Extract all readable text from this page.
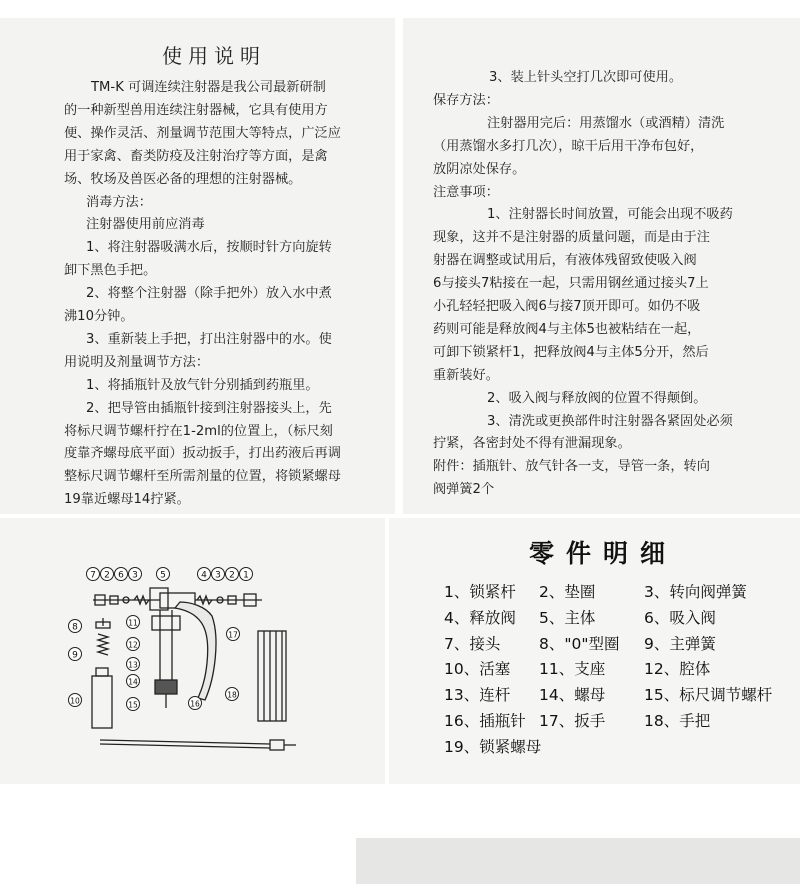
使用说明
TM-K 可调连续注射器是我公司最新研制
的一种新型兽用连续注射器械，它具有使用方
便、操作灵活、剂量调节范围大等特点，广泛应
用于家禽、畜类防疫及注射治疗等方面，是禽
场、牧场及兽医必备的理想的注射器械。
消毒方法：
注射器使用前应消毒
1、将注射器吸满水后，按顺时针方向旋转
卸下黑色手把。
2、将整个注射器（除手把外）放入水中煮
沸10分钟。
3、重新装上手把，打出注射器中的水。使
用说明及剂量调节方法：
1、将插瓶针及放气针分别插到药瓶里。
2、把导管由插瓶针接到注射器接头上，先
将标尺调节螺杆拧在1-2ml的位置上，（标尺刻
度靠齐螺母底平面）扳动扳手，打出药液后再调
整标尺调节螺杆至所需剂量的位置，将锁紧螺母
19靠近螺母14拧紧。
3、装上针头空打几次即可使用。
保存方法：
注射器用完后：用蒸馏水（或酒精）清洗
（用蒸馏水多打几次），晾干后用干净布包好，
放阴凉处保存。
注意事项：
1、注射器长时间放置，可能会出现不吸药
现象，这并不是注射器的质量问题，而是由于注
射器在调整或试用后，有液体残留致使吸入阀
6与接头7粘接在一起，只需用钢丝通过接头7上
小孔轻轻把吸入阀6与接7顶开即可。如仍不吸
药则可能是释放阀4与主体5也被粘结在一起，
可卸下锁紧杆1，把释放阀4与主体5分开，然后
重新装好。
2、吸入阀与释放阀的位置不得颠倒。
3、清洗或更换部件时注射器各紧固处必须
拧紧，各密封处不得有泄漏现象。
附件：插瓶针、放气针各一支，导管一条，转向
阀弹簧2个
7 2 6 3 5	4 3 2 1
11
8
12
17
9
13
14
10	16
15
18
零件明细
1、锁紧杆 2、垫圈	3、转向阀弹簧
4、释放阀 5、主体	6、吸入阀
7、接头 8、"0"型圈 9、主弹簧
10、活塞 11、支座	12、腔体
13、连杆 14、螺母	15、标尺调节螺杆
16、插瓶针 17、扳手	18、手把
19、锁紧螺母
